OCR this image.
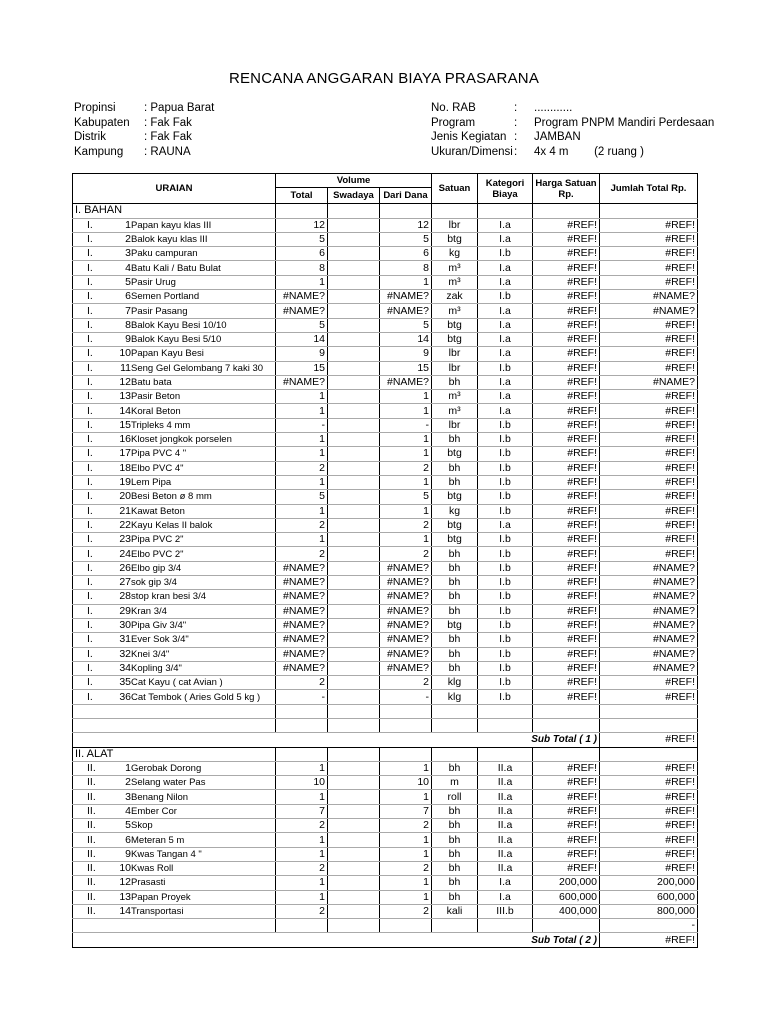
RENCANA ANGGARAN BIAYA PRASARANA
Propinsi : Papua Barat
Kabupaten : Fak Fak
Distrik	: Fak Fak
Kampung : RAUNA
No. RAB	: ............
Program	: Program PNPM Mandiri Perdesaan
Jenis Kegiatan : JAMBAN
Ukuran/Dimensi : 4x 4 m        (2 ruang )
URAIAN	Volume			Satuan	Kategori Biaya	Harga Satuan Rp.	Jumlah Total Rp.
	Total	Swadaya	Dari Dana				
I. BAHAN							
I. 1Papan kayu klas III	12		12	lbr	I.a	#REF!	#REF!
I. 2Balok kayu klas III	5		5	btg	I.a	#REF!	#REF!
I. 3Paku campuran	6		6	kg	I.b	#REF!	#REF!
I. 4Batu Kali / Batu Bulat	8		8	m³	I.a	#REF!	#REF!
I. 5Pasir Urug	1		1	m³	I.a	#REF!	#REF!
I. 6Semen Portland	#NAME?		#NAME?	zak	I.b	#REF!	#NAME?
I. 7Pasir Pasang	#NAME?		#NAME?	m³	I.a	#REF!	#NAME?
I. 8Balok Kayu Besi 10/10	5		5	btg	I.a	#REF!	#REF!
I. 9Balok Kayu Besi 5/10	14		14	btg	I.a	#REF!	#REF!
I. 10Papan Kayu Besi	9		9	lbr	I.a	#REF!	#REF!
I. 11Seng Gel Gelombang 7 kaki 30	15		15	lbr	I.b	#REF!	#REF!
I. 12Batu bata	#NAME?		#NAME?	bh	I.a	#REF!	#NAME?
I. 13Pasir Beton	1		1	m³	I.a	#REF!	#REF!
I. 14Koral Beton	1		1	m³	I.a	#REF!	#REF!
I. 15Tripleks 4 mm	-		-	lbr	I.b	#REF!	#REF!
I. 16Kloset jongkok porselen	1		1	bh	I.b	#REF!	#REF!
I. 17Pipa PVC 4 "	1		1	btg	I.b	#REF!	#REF!
I. 18Elbo PVC 4"	2		2	bh	I.b	#REF!	#REF!
I. 19Lem Pipa	1		1	bh	I.b	#REF!	#REF!
I. 20Besi Beton ø 8 mm	5		5	btg	I.b	#REF!	#REF!
I. 21Kawat Beton	1		1	kg	I.b	#REF!	#REF!
I. 22Kayu Kelas II balok	2		2	btg	I.a	#REF!	#REF!
I. 23Pipa PVC 2"	1		1	btg	I.b	#REF!	#REF!
I. 24Elbo PVC 2"	2		2	bh	I.b	#REF!	#REF!
I. 26Elbo gip 3/4	#NAME?		#NAME?	bh	I.b	#REF!	#NAME?
I. 27sok gip 3/4	#NAME?		#NAME?	bh	I.b	#REF!	#NAME?
I. 28stop kran besi 3/4	#NAME?		#NAME?	bh	I.b	#REF!	#NAME?
I. 29Kran 3/4	#NAME?		#NAME?	bh	I.b	#REF!	#NAME?
I. 30Pipa Giv 3/4"	#NAME?		#NAME?	btg	I.b	#REF!	#NAME?
I. 31Ever Sok 3/4"	#NAME?		#NAME?	bh	I.b	#REF!	#NAME?
I. 32Knei 3/4"	#NAME?		#NAME?	bh	I.b	#REF!	#NAME?
I. 34Kopling 3/4"	#NAME?		#NAME?	bh	I.b	#REF!	#NAME?
I. 35Cat Kayu ( cat Avian )	2		2	klg	I.b	#REF!	#REF!
I. 36Cat Tembok ( Aries Gold 5 kg )	-		-	klg	I.b	#REF!	#REF!

Sub Total ( 1 )							#REF!
II. ALAT							
II. 1Gerobak Dorong	1		1	bh	II.a	#REF!	#REF!
II. 2Selang water Pas	10		10	m	II.a	#REF!	#REF!
II. 3Benang Nilon	1		1	roll	II.a	#REF!	#REF!
II. 4Ember Cor	7		7	bh	II.a	#REF!	#REF!
II. 5Skop	2		2	bh	II.a	#REF!	#REF!
II. 6Meteran 5 m	1		1	bh	II.a	#REF!	#REF!
II. 9Kwas Tangan 4 "	1		1	bh	II.a	#REF!	#REF!
II. 10Kwas Roll	2		2	bh	II.a	#REF!	#REF!
II. 12Prasasti	1		1	bh	I.a	200,000	200,000
II. 13Papan Proyek	1		1	bh	I.a	600,000	600,000
II. 14Transportasi	2		2	kali	III.b	400,000	800,000
							-
Sub Total ( 2 )							#REF!
